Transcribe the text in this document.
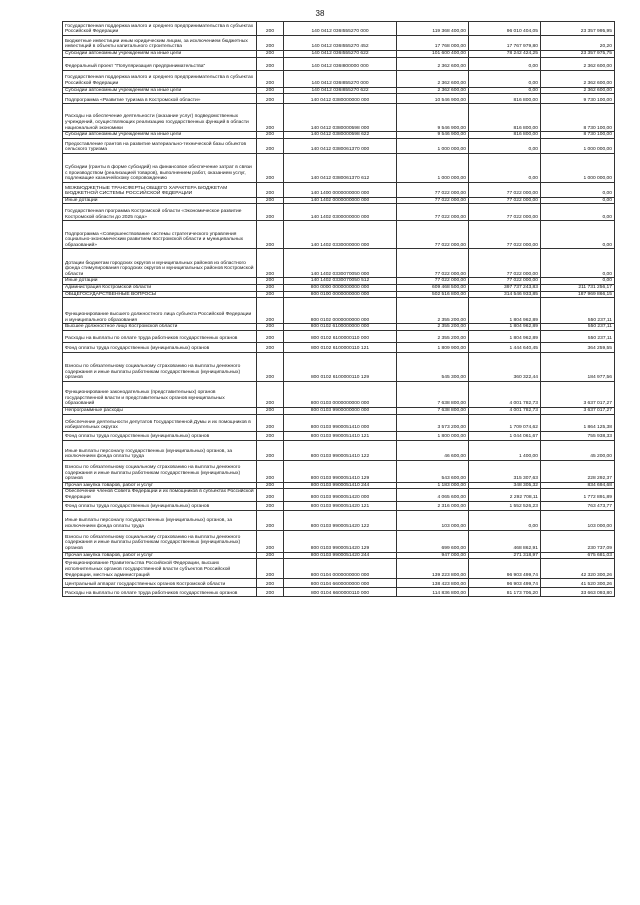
38
Государственная поддержка малого и среднего предпринимательства в субъектах Российской Федерации	200	140 0412 036I555270 000	119 368 400,00	96 010 404,05	23 357 995,95
Бюджетные инвестиции иным юридическим лицам, за исключением бюджетных инвестиций в объекты капитального строительства	200	140 0412 036I555270 452	17 768 000,00	17 767 979,80	20,20
Субсидии автономным учреждениям на иные цели	200	140 0412 036I555270 622	101 600 400,00	78 242 424,25	23 357 975,75
Федеральный проект "Популяризация предпринимательства"	200	140 0412 036I800000 000	2 362 600,00	0,00	2 362 600,00
Государственная поддержка малого и среднего предпринимательства в субъектах Российской Федерации	200	140 0412 036I855270 000	2 362 600,00	0,00	2 362 600,00
Субсидии автономным учреждениям на иные цели	200	140 0412 036I855270 622	2 362 600,00	0,00	2 362 600,00
Подпрограмма «Развитие туризма в Костромской области»	200	140 0412 0380000000 000	10 546 900,00	816 800,00	9 730 100,00
Расходы на обеспечение деятельности (оказание услуг) подведомственных учреждений, осуществляющих реализацию государственных функций в области национальной экономики	200	140 0412 0380000598 000	9 546 900,00	816 800,00	8 730 100,00
Субсидии автономным учреждениям на иные цели	200	140 0412 0380000598 622	9 546 900,00	816 800,00	8 730 100,00
Предоставление грантов на развитие материально-технической базы объектов сельского туризма	200	140 0412 0380061370 000	1 000 000,00	0,00	1 000 000,00
Субсидии (гранты в форме субсидий) на финансовое обеспечение затрат в связи с производством (реализацией товаров), выполнением работ, оказанием услуг, подлежащие казначейскому сопровождению	200	140 0412 0380061370 612	1 000 000,00	0,00	1 000 000,00
МЕЖБЮДЖЕТНЫЕ ТРАНСФЕРТЫ ОБЩЕГО ХАРАКТЕРА БЮДЖЕТАМ БЮДЖЕТНОЙ СИСТЕМЫ РОССИЙСКОЙ ФЕДЕРАЦИИ	200	140 1400 0000000000 000	77 022 000,00	77 022 000,00	0,00
Иные дотации	200	140 1402 0000000000 000	77 022 000,00	77 022 000,00	0,00
Государственная программа Костромской области «Экономическое развитие Костромской области до 2025 года»	200	140 1402 0300000000 000	77 022 000,00	77 022 000,00	0,00
Подпрограмма «Совершенствование системы стратегического управления социально-экономическим развитием Костромской области и муниципальных образований»	200	140 1402 0330000000 000	77 022 000,00	77 022 000,00	0,00
Дотации бюджетам городских округов и муниципальных районов из областного фонда стимулирования городских округов и муниципальных районов Костромской области	200	140 1402 0330070050 000	77 022 000,00	77 022 000,00	0,00
Иные дотации	200	140 1402 0330070050 512	77 022 000,00	77 022 000,00	0,00
Администрация Костромской области	200	800 0000 0000000000 000	609 468 500,00	397 737 243,83	211 731 256,17
ОБЩЕГОСУДАРСТВЕННЫЕ ВОПРОСЫ	200	800 0100 0000000000 000	502 516 800,00	314 546 933,85	187 969 866,15
Функционирование высшего должностного лица субъекта Российской Федерации и муниципального образования	200	800 0102 0000000000 000	2 355 200,00	1 804 962,89	550 237,11
Высшее должностное лицо Костромской области	200	800 0102 6100000000 000	2 355 200,00	1 804 962,89	550 237,11
Расходы на выплаты по оплате труда работников государственных органов	200	800 0102 6100000110 000	2 355 200,00	1 804 962,89	550 237,11
Фонд оплаты труда государственных (муниципальных) органов	200	800 0102 6100000110 121	1 809 900,00	1 444 640,45	364 259,55
Взносы по обязательному социальному страхованию на выплаты денежного содержания и иные выплаты работникам государственных (муниципальных) органов	200	800 0102 6100000110 129	545 300,00	360 322,44	184 977,56
Функционирование законодательных (представительных) органов государственной власти и представительных органов муниципальных образований	200	800 0103 0000000000 000	7 638 800,00	4 001 782,73	3 637 017,27
Непрограммные расходы	200	800 0103 9900000000 000	7 638 800,00	4 001 782,73	3 637 017,27
Обеспечение деятельности депутатов Государственной Думы и их помощников в избирательных округах	200	800 0103 9900051410 000	3 573 200,00	1 709 074,62	1 864 125,38
Фонд оплаты труда государственных (муниципальных) органов	200	800 0103 9900051410 121	1 800 000,00	1 044 061,67	755 938,33
Иные выплаты персоналу государственных (муниципальных) органов, за исключением фонда оплаты труда	200	800 0103 9900051410 122	46 600,00	1 400,00	45 200,00
Взносы по обязательному социальному страхованию на выплаты денежного содержания и иные выплаты работникам государственных (муниципальных) органов	200	800 0103 9900051410 129	543 600,00	315 307,63	228 292,37
Прочая закупка товаров, работ и услуг	200	800 0103 9900051410 244	1 183 000,00	348 305,32	834 694,68
Обеспечение членов Совета Федерации и их помощников в субъектах Российской Федерации	200	800 0103 9900051420 000	4 065 600,00	2 292 708,11	1 772 891,89
Фонд оплаты труда государственных (муниципальных) органов	200	800 0103 9900051420 121	2 316 000,00	1 552 526,23	763 473,77
Иные выплаты персоналу государственных (муниципальных) органов, за исключением фонда оплаты труда	200	800 0103 9900051420 122	103 000,00	0,00	103 000,00
Взносы по обязательному социальному страхованию на выплаты денежного содержания и иные выплаты работникам государственных (муниципальных) органов	200	800 0103 9900051420 129	699 600,00	468 862,91	230 737,09
Прочая закупка товаров, работ и услуг	200	800 0103 9900051420 244	947 000,00	271 318,97	675 681,03
Функционирование Правительства Российской Федерации, высших исполнительных органов государственной власти субъектов Российской Федерации, местных администраций	200	800 0104 0000000000 000	139 223 800,00	96 903 499,74	42 320 300,26
Центральный аппарат государственных органов Костромской области	200	800 0104 6600000000 000	138 423 800,00	96 903 499,74	41 520 300,26
Расходы на выплаты по оплате труда работников государственных органов	200	800 0104 6600000110 000	114 836 800,00	81 173 706,20	33 663 093,80
